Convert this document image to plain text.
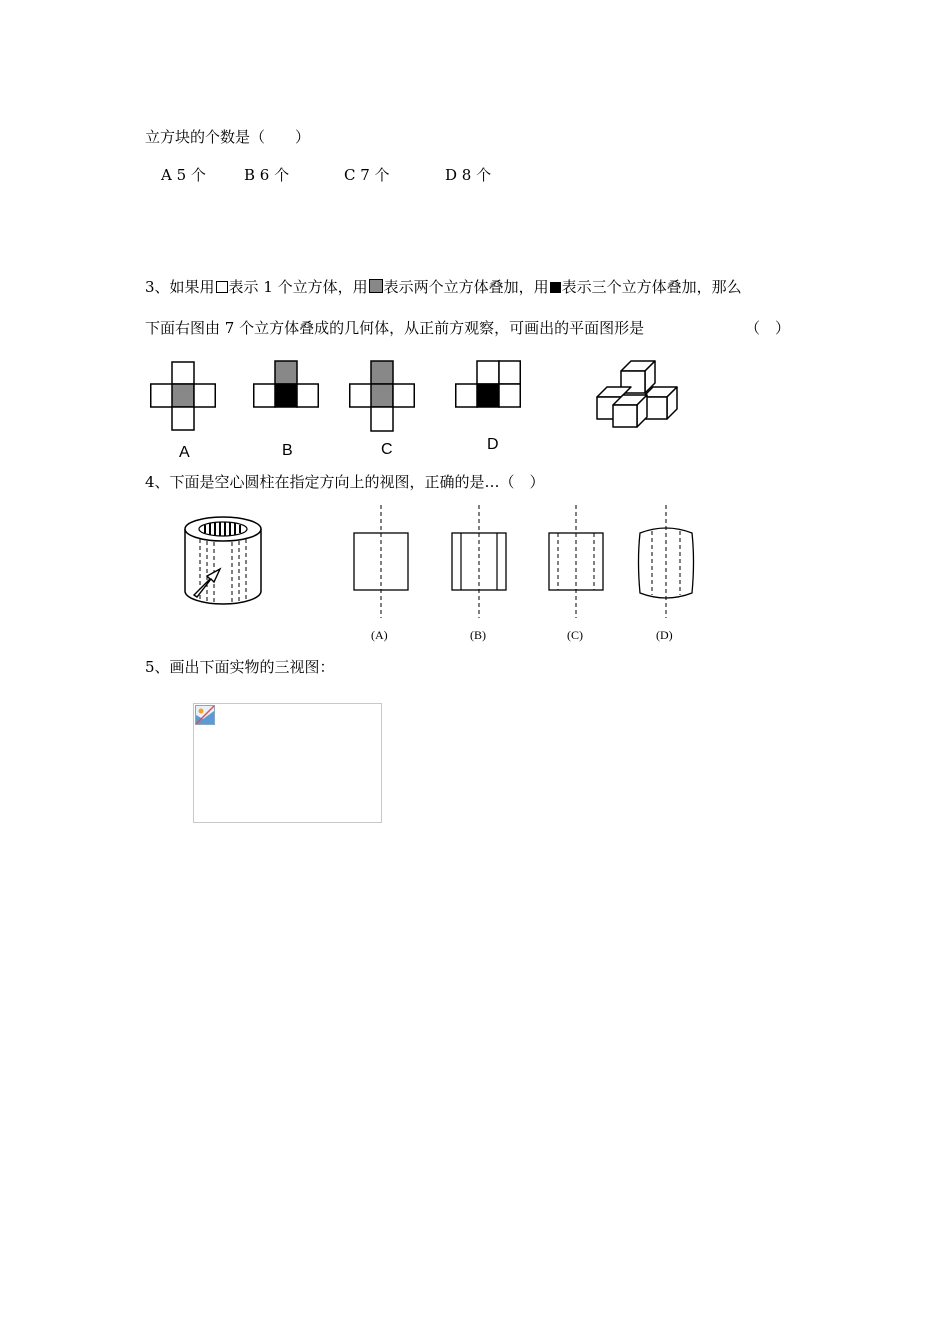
立方块的个数是（　　）
A 5 个	B 6 个	C 7 个	D 8 个
3、如果用 表示 1 个立方体，用 表示两个立方体叠加，用 表示三个立方体叠加，那么
下面右图由 7 个立方体叠成的几何体，从正前方观察，可画出的平面图形是	（　）
A	B	C	D
4、下面是空心圆柱在指定方向上的视图，正确的是…（　）
(A)	(B)	(C)	(D)
5、画出下面实物的三视图：
